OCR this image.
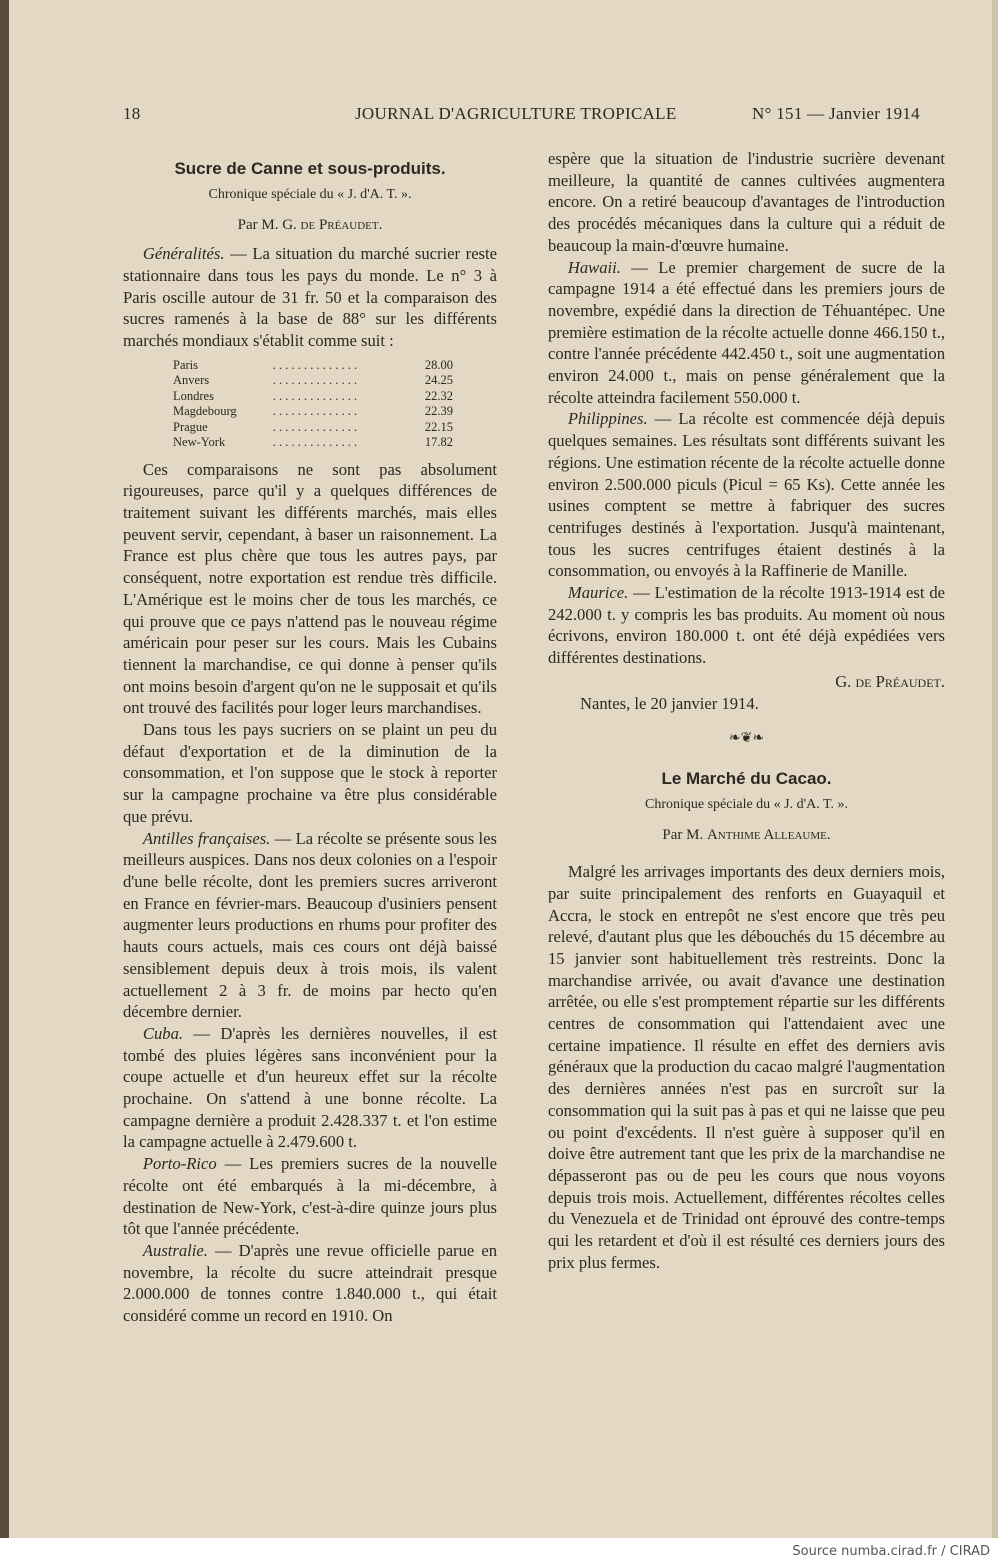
18	JOURNAL D'AGRICULTURE TROPICALE	N° 151 — Janvier 1914
Sucre de Canne et sous-produits.
Chronique spéciale du « J. d'A. T. ».
Par M. G. de Préaudet.

Généralités. — La situation du marché sucrier reste stationnaire dans tous les pays du monde. Le n° 3 à Paris oscille autour de 31 fr. 50 et la comparaison des sucres ramenés à la base de 88° sur les différents marchés mondiaux s'établit comme suit :

Paris	. . . . . . . . . . . . . .	28.00
Anvers	. . . . . . . . . . . . . .	24.25
Londres	. . . . . . . . . . . . . .	22.32
Magdebourg	. . . . . . . . . . . . . .	22.39
Prague	. . . . . . . . . . . . . .	22.15
New-York	. . . . . . . . . . . . . .	17.82

Ces comparaisons ne sont pas absolument rigoureuses, parce qu'il y a quelques différences de traitement suivant les différents marchés, mais elles peuvent servir, cependant, à baser un raisonnement. La France est plus chère que tous les autres pays, par conséquent, notre exportation est rendue très difficile. L'Amérique est le moins cher de tous les marchés, ce qui prouve que ce pays n'attend pas le nouveau régime américain pour peser sur les cours. Mais les Cubains tiennent la marchandise, ce qui donne à penser qu'ils ont moins besoin d'argent qu'on ne le supposait et qu'ils ont trouvé des facilités pour loger leurs marchandises.

Dans tous les pays sucriers on se plaint un peu du défaut d'exportation et de la diminution de la consommation, et l'on suppose que le stock à reporter sur la campagne prochaine va être plus considérable que prévu.

Antilles françaises. — La récolte se présente sous les meilleurs auspices. Dans nos deux colonies on a l'espoir d'une belle récolte, dont les premiers sucres arriveront en France en février-mars. Beaucoup d'usiniers pensent augmenter leurs productions en rhums pour profiter des hauts cours actuels, mais ces cours ont déjà baissé sensiblement depuis deux à trois mois, ils valent actuellement 2 à 3 fr. de moins par hecto qu'en décembre dernier.

Cuba. — D'après les dernières nouvelles, il est tombé des pluies légères sans inconvénient pour la coupe actuelle et d'un heureux effet sur la récolte prochaine. On s'attend à une bonne récolte. La campagne dernière a produit 2.428.337 t. et l'on estime la campagne actuelle à 2.479.600 t.

Porto-Rico — Les premiers sucres de la nouvelle récolte ont été embarqués à la mi-décembre, à destination de New-York, c'est-à-dire quinze jours plus tôt que l'année précédente.

Australie. — D'après une revue officielle parue en novembre, la récolte du sucre atteindrait presque 2.000.000 de tonnes contre 1.840.000 t., qui était considéré comme un record en 1910. On

espère que la situation de l'industrie sucrière devenant meilleure, la quantité de cannes cultivées augmentera encore. On a retiré beaucoup d'avantages de l'introduction des procédés mécaniques dans la culture qui a réduit de beaucoup la main-d'œuvre humaine.

Hawaii. — Le premier chargement de sucre de la campagne 1914 a été effectué dans les premiers jours de novembre, expédié dans la direction de Téhuantépec. Une première estimation de la récolte actuelle donne 466.150 t., contre l'année précédente 442.450 t., soit une augmentation environ 24.000 t., mais on pense généralement que la récolte atteindra facilement 550.000 t.

Philippines. — La récolte est commencée déjà depuis quelques semaines. Les résultats sont différents suivant les régions. Une estimation récente de la récolte actuelle donne environ 2.500.000 piculs (Picul = 65 Ks). Cette année les usines comptent se mettre à fabriquer des sucres centrifuges destinés à l'exportation. Jusqu'à maintenant, tous les sucres centrifuges étaient destinés à la consommation, ou envoyés à la Raffinerie de Manille.

Maurice. — L'estimation de la récolte 1913-1914 est de 242.000 t. y compris les bas produits. Au moment où nous écrivons, environ 180.000 t. ont été déjà expédiées vers différentes destinations.

G. de Préaudet.

Nantes, le 20 janvier 1914.

❧❦❧
Le Marché du Cacao.
Chronique spéciale du « J. d'A. T. ».
Par M. Anthime Alleaume.

Malgré les arrivages importants des deux derniers mois, par suite principalement des renforts en Guayaquil et Accra, le stock en entrepôt ne s'est encore que très peu relevé, d'autant plus que les débouchés du 15 décembre au 15 janvier sont habituellement très restreints. Donc la marchandise arrivée, ou avait d'avance une destination arrêtée, ou elle s'est promptement répartie sur les différents centres de consommation qui l'attendaient avec une certaine impatience. Il résulte en effet des derniers avis généraux que la production du cacao malgré l'augmentation des dernières années n'est pas en surcroît sur la consommation qui la suit pas à pas et qui ne laisse que peu ou point d'excédents. Il n'est guère à supposer qu'il en doive être autrement tant que les prix de la marchandise ne dépasseront pas ou de peu les cours que nous voyons depuis trois mois. Actuellement, différentes récoltes celles du Venezuela et de Trinidad ont éprouvé des contre-temps qui les retardent et d'où il est résulté ces derniers jours des prix plus fermes.

Source numba.cirad.fr / CIRAD
